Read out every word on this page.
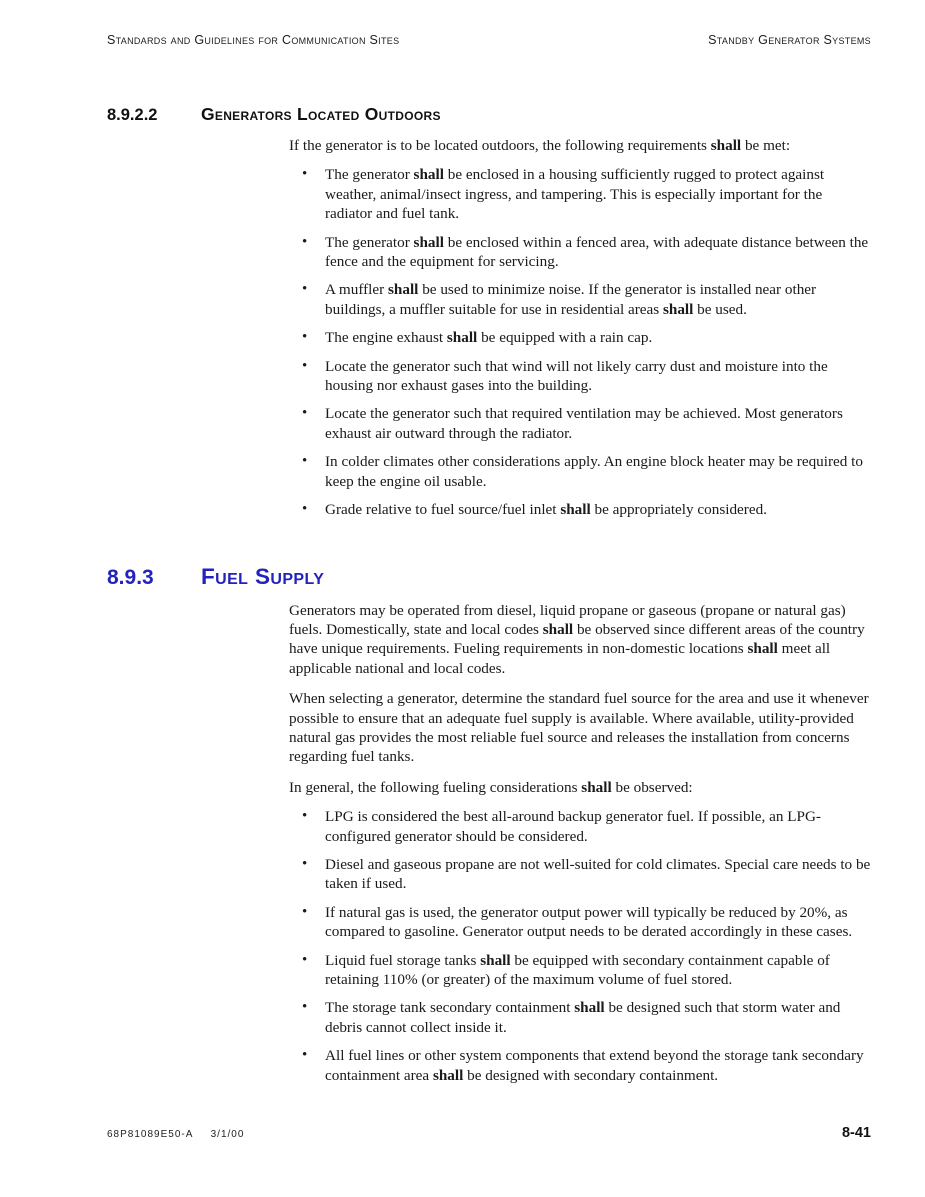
Standards and Guidelines for Communication Sites	Standby Generator Systems
8.9.2.2	Generators Located Outdoors

If the generator is to be located outdoors, the following requirements shall be met:

• The generator shall be enclosed in a housing sufficiently rugged to protect against weather, animal/insect ingress, and tampering. This is especially important for the radiator and fuel tank.
• The generator shall be enclosed within a fenced area, with adequate distance between the fence and the equipment for servicing.
• A muffler shall be used to minimize noise. If the generator is installed near other buildings, a muffler suitable for use in residential areas shall be used.
• The engine exhaust shall be equipped with a rain cap.
• Locate the generator such that wind will not likely carry dust and moisture into the housing nor exhaust gases into the building.
• Locate the generator such that required ventilation may be achieved. Most generators exhaust air outward through the radiator.
• In colder climates other considerations apply. An engine block heater may be required to keep the engine oil usable.
• Grade relative to fuel source/fuel inlet shall be appropriately considered.
8.9.3	Fuel Supply

Generators may be operated from diesel, liquid propane or gaseous (propane or natural gas) fuels. Domestically, state and local codes shall be observed since different areas of the country have unique requirements. Fueling requirements in non-domestic locations shall meet all applicable national and local codes.

When selecting a generator, determine the standard fuel source for the area and use it whenever possible to ensure that an adequate fuel supply is available. Where available, utility-provided natural gas provides the most reliable fuel source and releases the installation from concerns regarding fuel tanks.

In general, the following fueling considerations shall be observed:

• LPG is considered the best all-around backup generator fuel. If possible, an LPG-configured generator should be considered.
• Diesel and gaseous propane are not well-suited for cold climates. Special care needs to be taken if used.
• If natural gas is used, the generator output power will typically be reduced by 20%, as compared to gasoline. Generator output needs to be derated accordingly in these cases.
• Liquid fuel storage tanks shall be equipped with secondary containment capable of retaining 110% (or greater) of the maximum volume of fuel stored.
• The storage tank secondary containment shall be designed such that storm water and debris cannot collect inside it.
• All fuel lines or other system components that extend beyond the storage tank secondary containment area shall be designed with secondary containment.
68P81089E50-A 3/1/00	8-41
